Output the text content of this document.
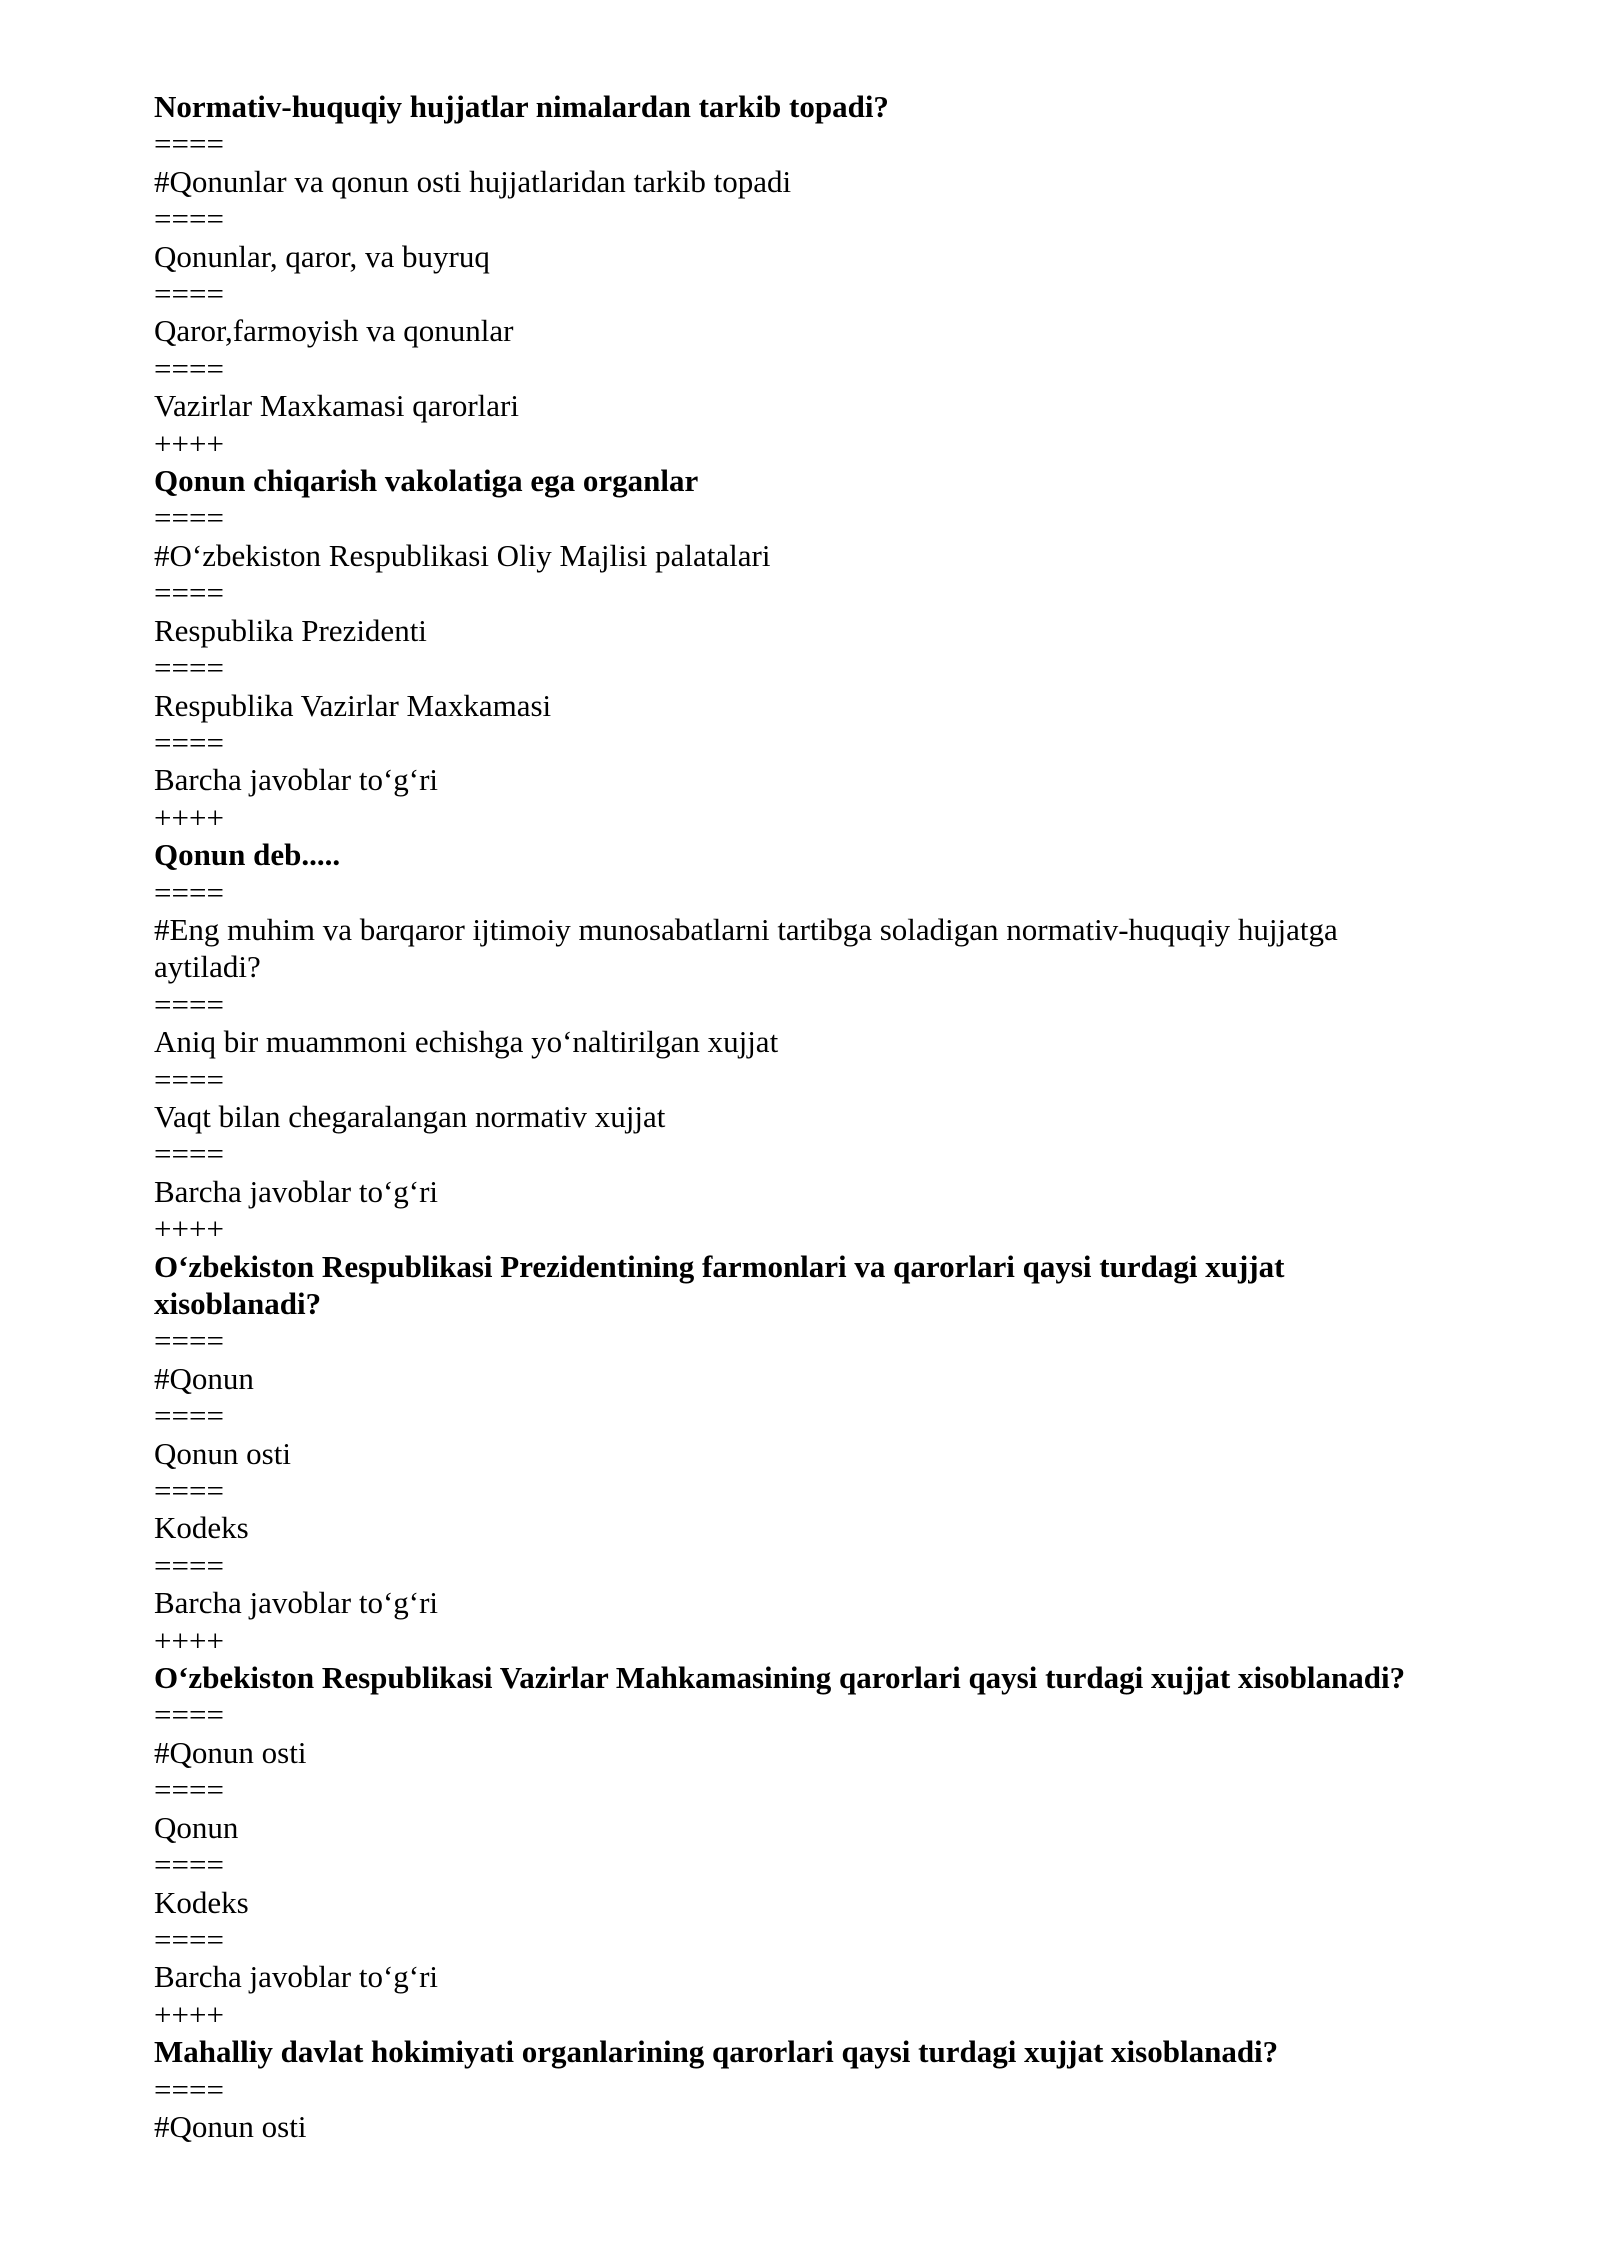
Normativ-huquqiy hujjatlar nimalardan tarkib topadi?

====

#Qonunlar va qonun osti hujjatlaridan tarkib topadi

====

Qonunlar, qaror, va buyruq

====

Qaror,farmoyish va qonunlar

====

Vazirlar Maxkamasi qarorlari

++++

Qonun chiqarish vakolatiga ega organlar

====

#O‘zbekiston Respublikasi Oliy Majlisi palatalari

====

Respublika Prezidenti

====

Respublika Vazirlar Maxkamasi

====

Barcha javoblar to‘g‘ri

++++

Qonun deb.....

====

#Eng muhim va barqaror ijtimoiy munosabatlarni tartibga soladigan normativ-huquqiy hujjatga aytiladi?

====

Aniq bir muammoni echishga yo‘naltirilgan xujjat

====

Vaqt bilan chegaralangan normativ xujjat

====

Barcha javoblar to‘g‘ri

++++

O‘zbekiston Respublikasi Prezidentining farmonlari va qarorlari qaysi turdagi xujjat xisoblanadi?

====

#Qonun

====

Qonun osti

====

Kodeks

====

Barcha javoblar to‘g‘ri

++++

O‘zbekiston Respublikasi Vazirlar Mahkamasining qarorlari qaysi turdagi xujjat xisoblanadi?

====

#Qonun osti

====

Qonun

====

Kodeks

====

Barcha javoblar to‘g‘ri

++++

Mahalliy davlat hokimiyati organlarining qarorlari qaysi turdagi xujjat xisoblanadi?

====

#Qonun osti
